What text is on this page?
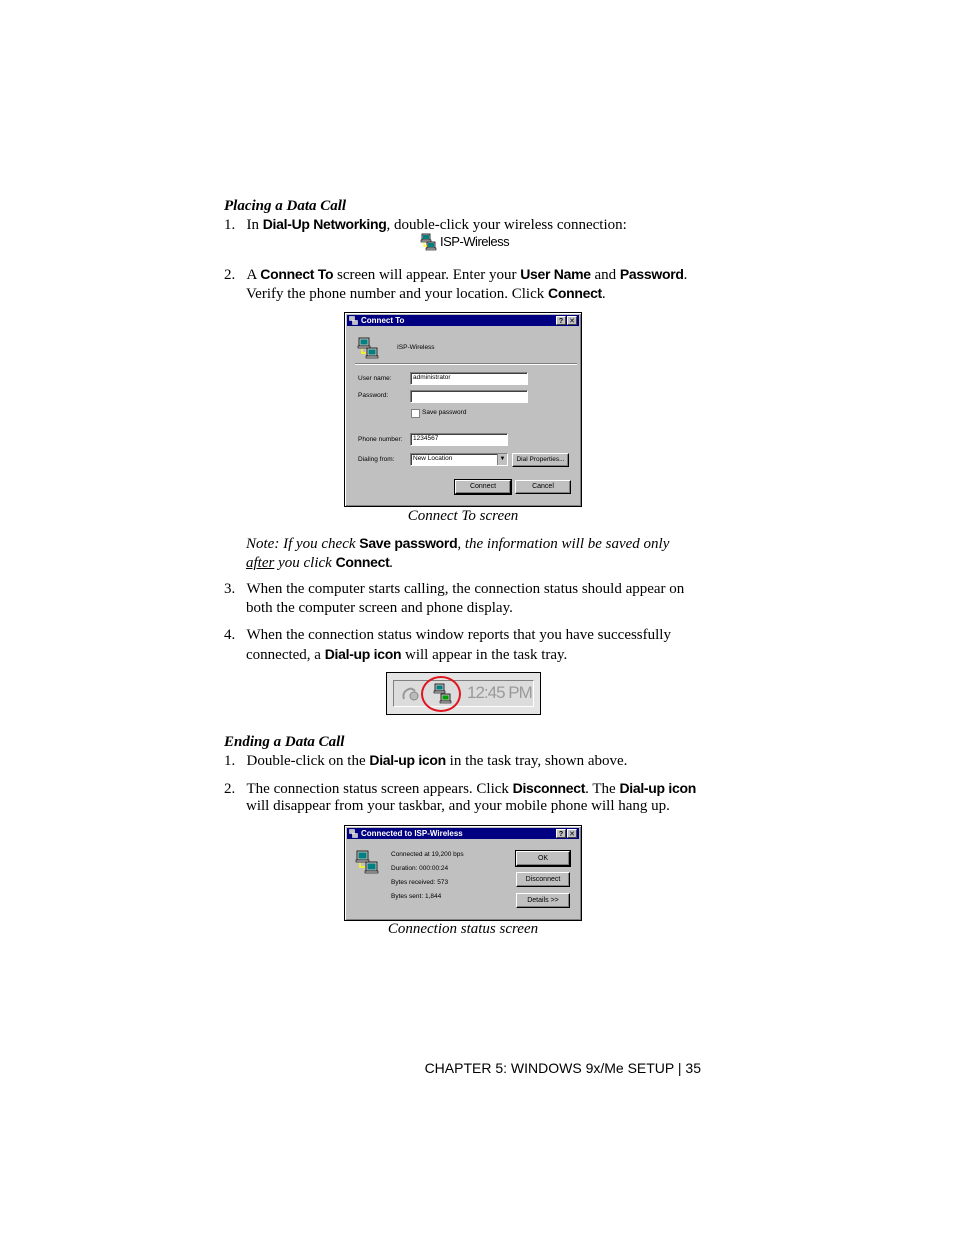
Placing a Data Call
1. In Dial-Up Networking, double-click your wireless connection:
ISP-Wireless
2. A Connect To screen will appear. Enter your User Name and Password.
Verify the phone number and your location. Click Connect.
Connect To	? ✕
ISP-Wireless
User name:	administrator
Password:
Save password
Phone number:	1234567
Dialing from:	New Location	▼	Dial Properties...
Connect	Cancel
Connect To screen
Note: If you check Save password, the information will be saved only
after you click Connect.
3. When the computer starts calling, the connection status should appear on
both the computer screen and phone display.
4. When the connection status window reports that you have successfully
connected, a Dial-up icon will appear in the task tray.
12:45 PM
Ending a Data Call
1. Double-click on the Dial-up icon in the task tray, shown above.
2. The connection status screen appears. Click Disconnect. The Dial-up icon
will disappear from your taskbar, and your mobile phone will hang up.
Connected to ISP-Wireless	? ✕
Connected at 19,200 bps
Duration: 000:00:24
Bytes received: 573
Bytes sent: 1,844
OK
Disconnect
Details >>
Connection status screen
CHAPTER 5: WINDOWS 9x/Me SETUP | 35
